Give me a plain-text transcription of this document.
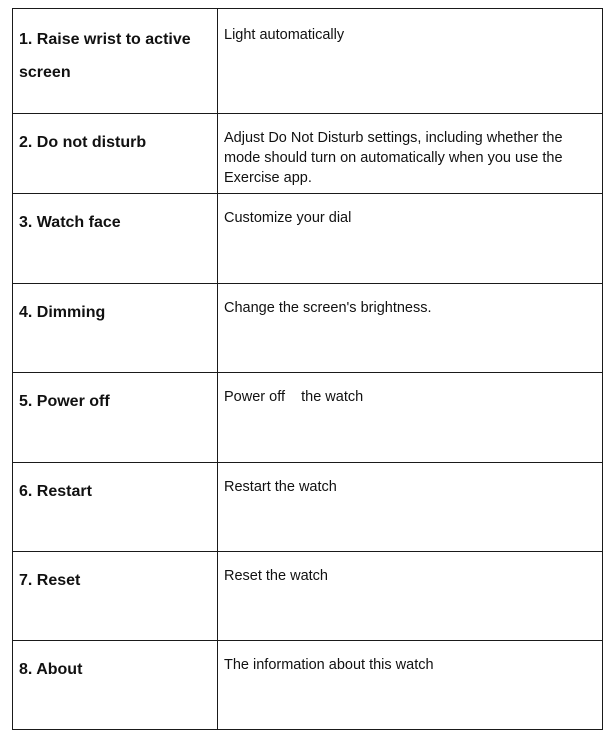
1. Raise wrist to active screen	Light automatically
2. Do not disturb	Adjust Do Not Disturb settings, including whether the mode should turn on automatically when you use the Exercise app.
3. Watch face	Customize your dial
4. Dimming	Change the screen's brightness.
5. Power off	Power off    the watch
6. Restart	Restart the watch
7. Reset	Reset the watch
8. About	The information about this watch
